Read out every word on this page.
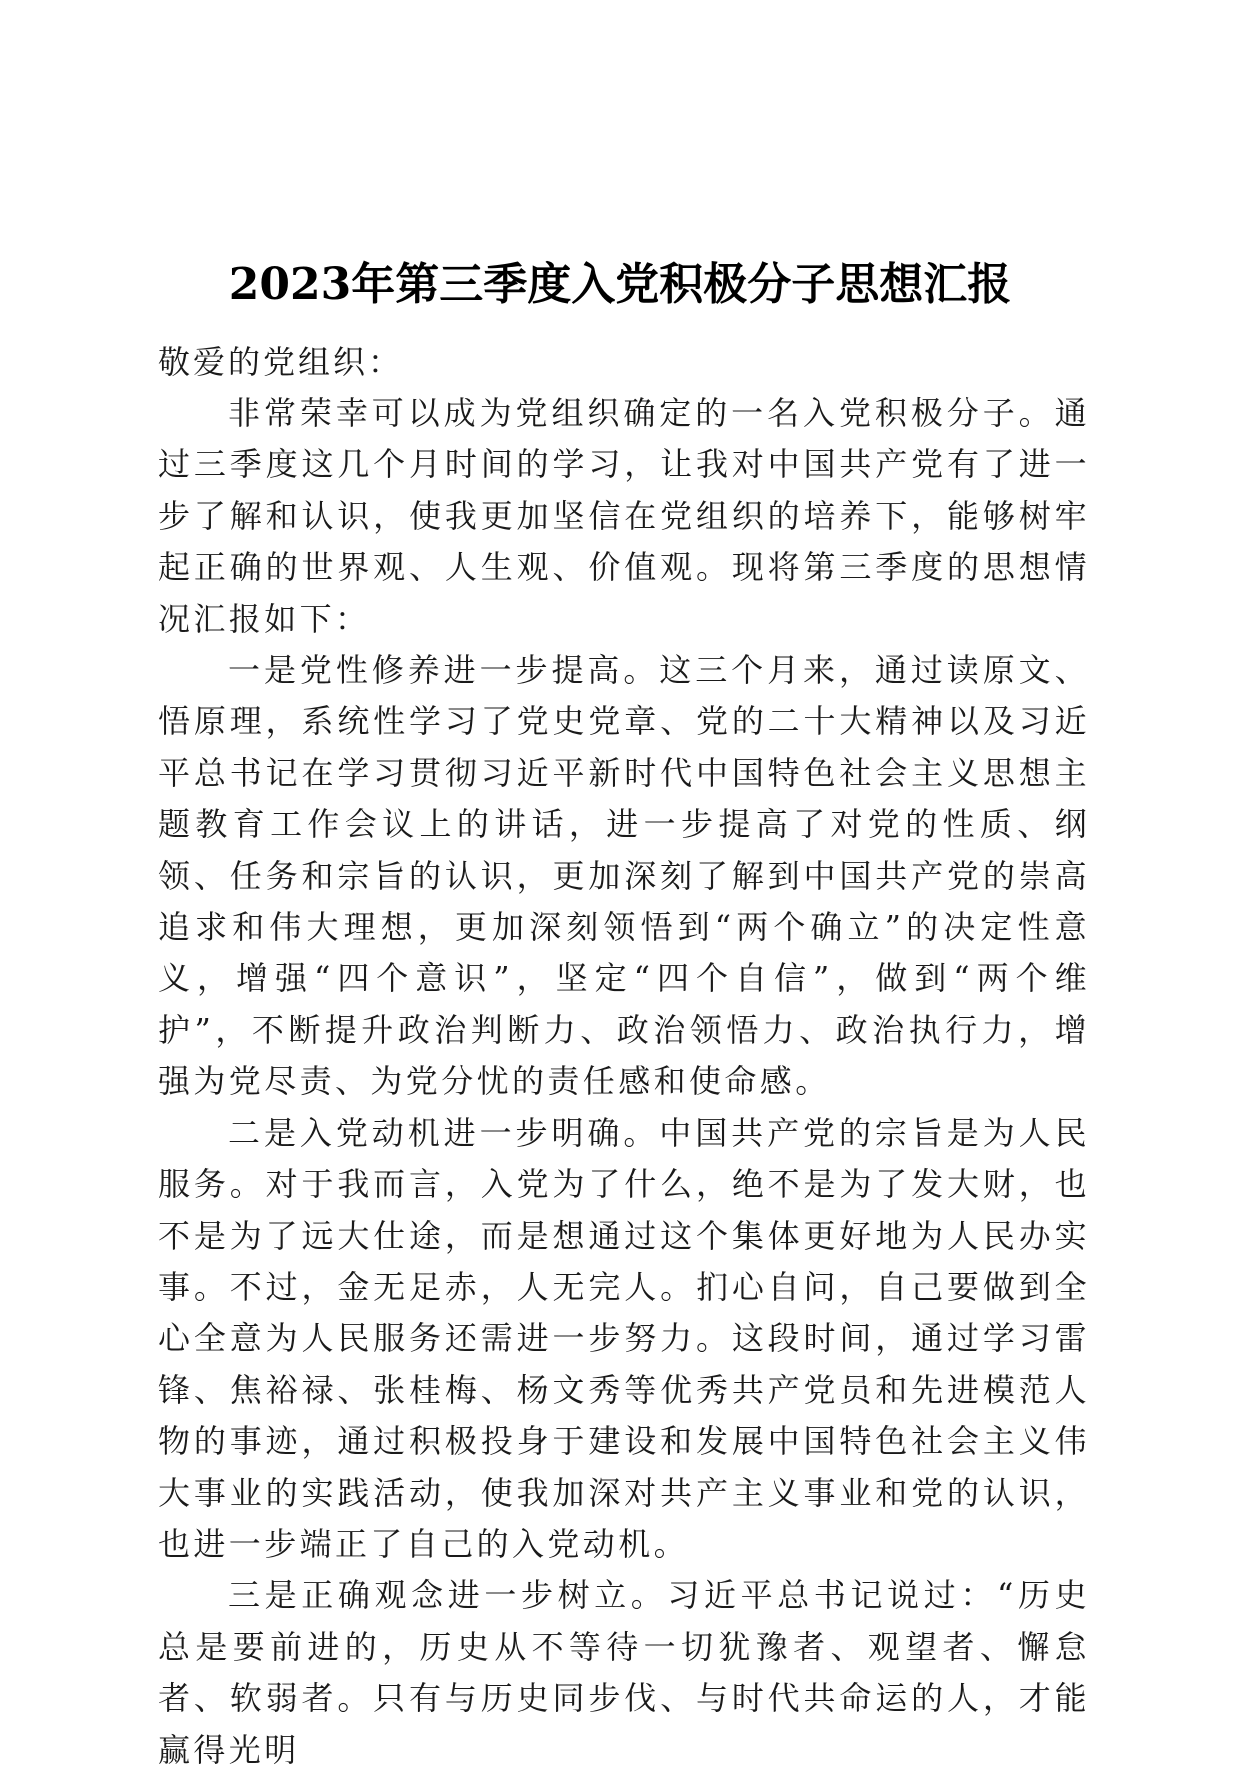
2023年第三季度入党积极分子思想汇报

敬爱的党组织：

非常荣幸可以成为党组织确定的一名入党积极分子。通过三季度这几个月时间的学习，让我对中国共产党有了进一步了解和认识，使我更加坚信在党组织的培养下，能够树牢起正确的世界观、人生观、价值观。现将第三季度的思想情况汇报如下：

一是党性修养进一步提高。这三个月来，通过读原文、悟原理，系统性学习了党史党章、党的二十大精神以及习近平总书记在学习贯彻习近平新时代中国特色社会主义思想主题教育工作会议上的讲话，进一步提高了对党的性质、纲领、任务和宗旨的认识，更加深刻了解到中国共产党的崇高追求和伟大理想，更加深刻领悟到“两个确立”的决定性意义，增强“四个意识”，坚定“四个自信”，做到“两个维护”，不断提升政治判断力、政治领悟力、政治执行力，增强为党尽责、为党分忧的责任感和使命感。

二是入党动机进一步明确。中国共产党的宗旨是为人民服务。对于我而言，入党为了什么，绝不是为了发大财，也不是为了远大仕途，而是想通过这个集体更好地为人民办实事。不过，金无足赤，人无完人。扪心自问，自己要做到全心全意为人民服务还需进一步努力。这段时间，通过学习雷锋、焦裕禄、张桂梅、杨文秀等优秀共产党员和先进模范人物的事迹，通过积极投身于建设和发展中国特色社会主义伟大事业的实践活动，使我加深对共产主义事业和党的认识，也进一步端正了自己的入党动机。

三是正确观念进一步树立。习近平总书记说过：“历史总是要前进的，历史从不等待一切犹豫者、观望者、懈怠者、软弱者。只有与历史同步伐、与时代共命运的人，才能赢得光明
